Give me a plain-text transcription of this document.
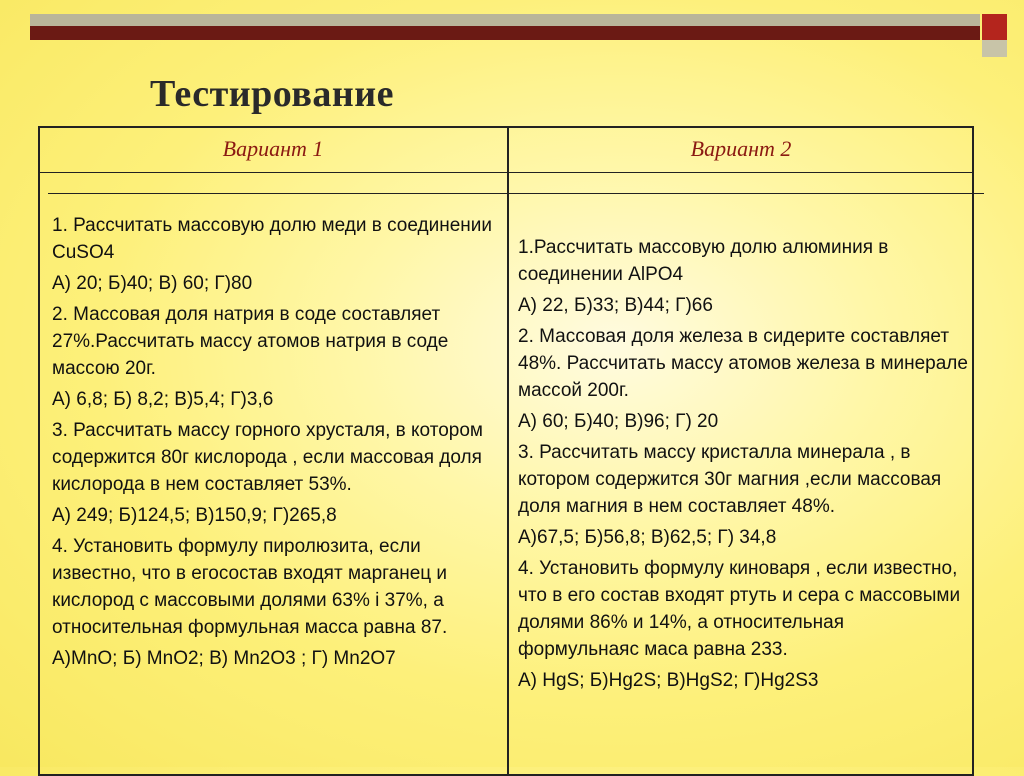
Тестирование
Вариант 1	Вариант 2

1. Рассчитать массовую долю меди в соединении CuSO4

А) 20; Б)40; В) 60; Г)80

2. Массовая доля натрия в соде составляет 27%.Рассчитать массу атомов натрия в соде массою 20г.

А) 6,8; Б) 8,2; В)5,4; Г)3,6

3. Рассчитать массу горного хрусталя, в котором содержится 80г кислорода , если массовая доля кислорода в нем составляет 53%.

А) 249; Б)124,5; В)150,9; Г)265,8

4. Установить формулу пиролюзита, если известно, что в егосостав входят марганец и кислород с массовыми долями 63% і 37%, а относительная формульная масса равна 87.

А)MnO; Б) MnO2; В) Mn2O3 ; Г) Mn2O7

1.Рассчитать массовую долю алюминия в соединении AlPO4

А) 22, Б)33; В)44; Г)66

2. Массовая доля железа в сидерите составляет 48%. Рассчитать массу атомов железа в минерале массой 200г.

А) 60; Б)40; В)96; Г) 20

3. Рассчитать массу кристалла минерала , в котором содержится 30г магния ,если массовая доля магния в нем составляет 48%.

А)67,5; Б)56,8; В)62,5; Г) 34,8

4. Установить формулу киноваря , если известно, что в его состав входят ртуть и сера с массовыми долями 86% и 14%, а относительная формульнаяс маса равна 233.

А) HgS; Б)Hg2S; В)HgS2; Г)Hg2S3
